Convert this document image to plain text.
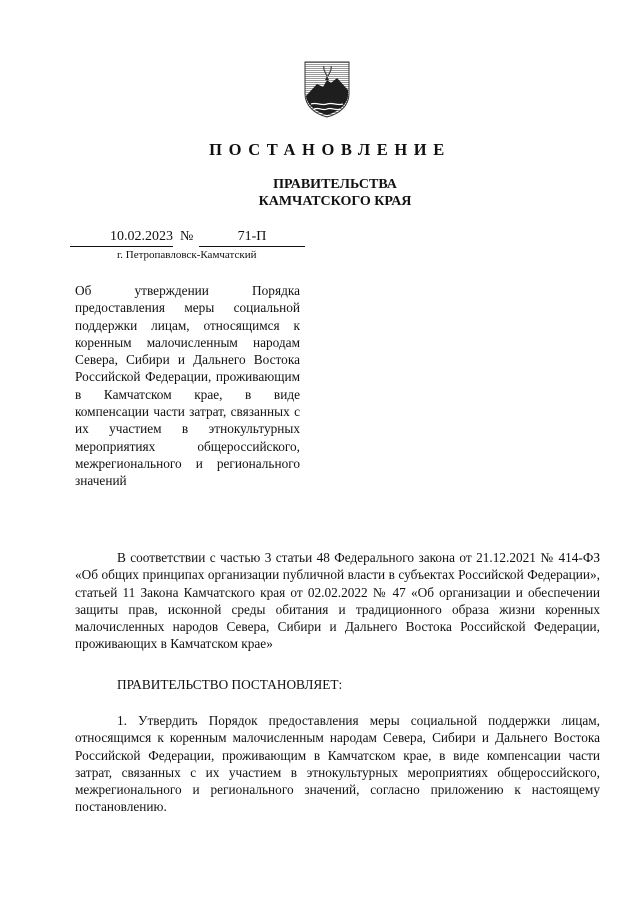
ПОСТАНОВЛЕНИЕ
ПРАВИТЕЛЬСТВА
КАМЧАТСКОГО КРАЯ
10.02.2023 №	71-П
г. Петропавловск-Камчатский
Об утверждении Порядка предоставления меры социальной поддержки лицам, относящимся к коренным малочисленным народам Севера, Сибири и Дальнего Востока Российской Федерации, проживающим в Камчатском крае, в виде компенсации части затрат, связанных с их участием в этнокультурных мероприятиях общероссийского, межрегионального и регионального значений
В соответствии с частью 3 статьи 48 Федерального закона от 21.12.2021 № 414-ФЗ «Об общих принципах организации публичной власти в субъектах Российской Федерации», статьей 11 Закона Камчатского края от 02.02.2022 № 47 «Об организации и обеспечении защиты прав, исконной среды обитания и традиционного образа жизни коренных малочисленных народов Севера, Сибири и Дальнего Востока Российской Федерации, проживающих в Камчатском крае»
ПРАВИТЕЛЬСТВО ПОСТАНОВЛЯЕТ:
1. Утвердить Порядок предоставления меры социальной поддержки лицам, относящимся к коренным малочисленным народам Севера, Сибири и Дальнего Востока Российской Федерации, проживающим в Камчатском крае, в виде компенсации части затрат, связанных с их участием в этнокультурных мероприятиях общероссийского, межрегионального и регионального значений, согласно приложению к настоящему постановлению.
